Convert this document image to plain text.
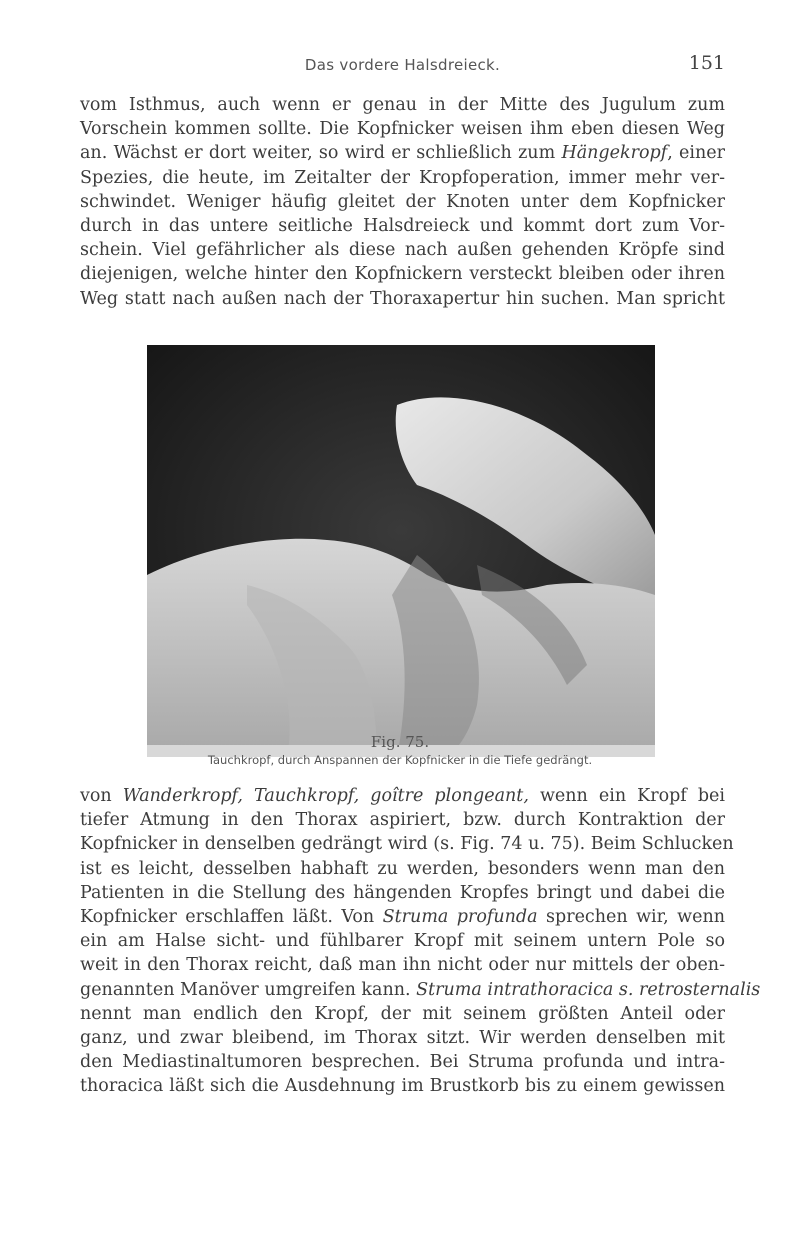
Das vordere Halsdreieck.	151
vom Isthmus, auch wenn er genau in der Mitte des Jugulum zum
Vorschein kommen sollte. Die Kopfnicker weisen ihm eben diesen Weg
an. Wächst er dort weiter, so wird er schließlich zum Hängekropf, einer
Spezies, die heute, im Zeitalter der Kropfoperation, immer mehr ver-
schwindet. Weniger häufig gleitet der Knoten unter dem Kopfnicker
durch in das untere seitliche Halsdreieck und kommt dort zum Vor-
schein. Viel gefährlicher als diese nach außen gehenden Kröpfe sind
diejenigen, welche hinter den Kopfnickern versteckt bleiben oder ihren
Weg statt nach außen nach der Thoraxapertur hin suchen. Man spricht
Fig. 75.
Tauchkropf, durch Anspannen der Kopfnicker in die Tiefe gedrängt.
von Wanderkropf, Tauchkropf, goître plongeant, wenn ein Kropf bei
tiefer Atmung in den Thorax aspiriert, bzw. durch Kontraktion der
Kopfnicker in denselben gedrängt wird (s. Fig. 74 u. 75). Beim Schlucken
ist es leicht, desselben habhaft zu werden, besonders wenn man den
Patienten in die Stellung des hängenden Kropfes bringt und dabei die
Kopfnicker erschlaffen läßt. Von Struma profunda sprechen wir, wenn
ein am Halse sicht- und fühlbarer Kropf mit seinem untern Pole so
weit in den Thorax reicht, daß man ihn nicht oder nur mittels der oben-
genannten Manöver umgreifen kann. Struma intrathoracica s. retrosternalis
nennt man endlich den Kropf, der mit seinem größten Anteil oder
ganz, und zwar bleibend, im Thorax sitzt. Wir werden denselben mit
den Mediastinaltumoren besprechen. Bei Struma profunda und intra-
thoracica läßt sich die Ausdehnung im Brustkorb bis zu einem gewissen
